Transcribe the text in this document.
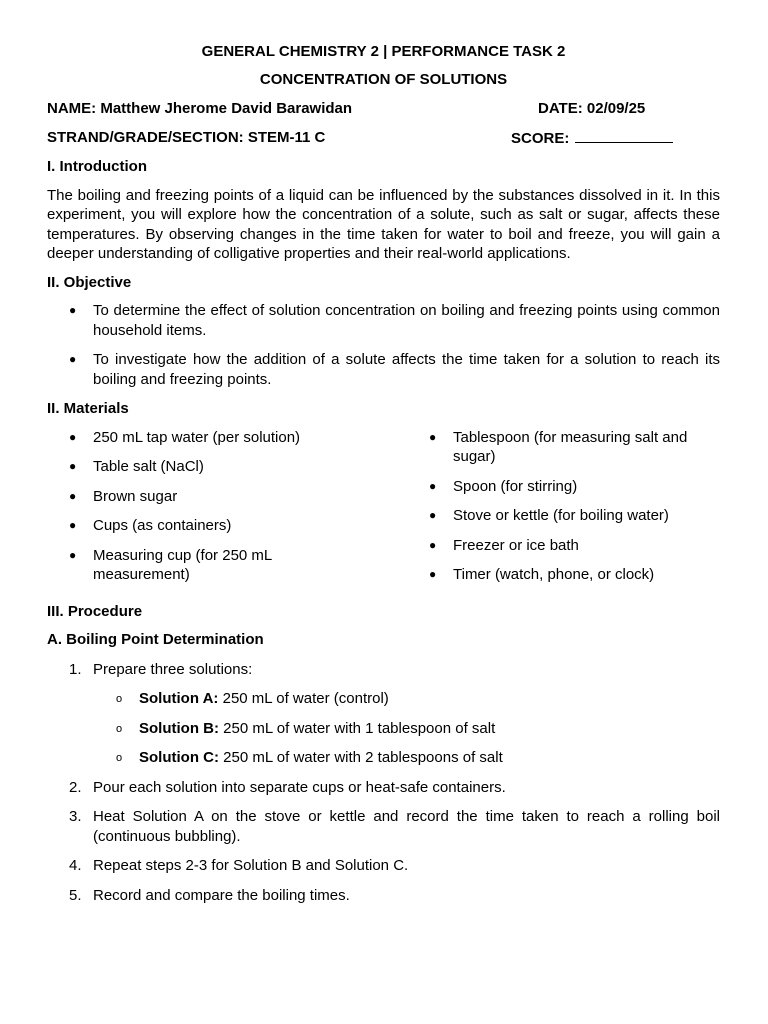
GENERAL CHEMISTRY 2 | PERFORMANCE TASK 2
CONCENTRATION OF SOLUTIONS
NAME: Matthew Jherome David Barawidan	DATE: 02/09/25
STRAND/GRADE/SECTION: STEM-11 C	SCORE:
I. Introduction

The boiling and freezing points of a liquid can be influenced by the substances dissolved in it. In this experiment, you will explore how the concentration of a solute, such as salt or sugar, affects these temperatures. By observing changes in the time taken for water to boil and freeze, you will gain a deeper understanding of colligative properties and their real-world applications.

II. Objective
● To determine the effect of solution concentration on boiling and freezing points using common household items.
● To investigate how the addition of a solute affects the time taken for a solution to reach its boiling and freezing points.
II. Materials
● 250 mL tap water (per solution)
● Table salt (NaCl)
● Brown sugar
● Cups (as containers)
● Measuring cup (for 250 mL measurement)
● Tablespoon (for measuring salt and sugar)
● Spoon (for stirring)
● Stove or kettle (for boiling water)
● Freezer or ice bath
● Timer (watch, phone, or clock)
III. Procedure
A. Boiling Point Determination
1. Prepare three solutions:
o Solution A: 250 mL of water (control)
o Solution B: 250 mL of water with 1 tablespoon of salt
o Solution C: 250 mL of water with 2 tablespoons of salt
2. Pour each solution into separate cups or heat-safe containers.
3. Heat Solution A on the stove or kettle and record the time taken to reach a rolling boil (continuous bubbling).
4. Repeat steps 2-3 for Solution B and Solution C.
5. Record and compare the boiling times.
